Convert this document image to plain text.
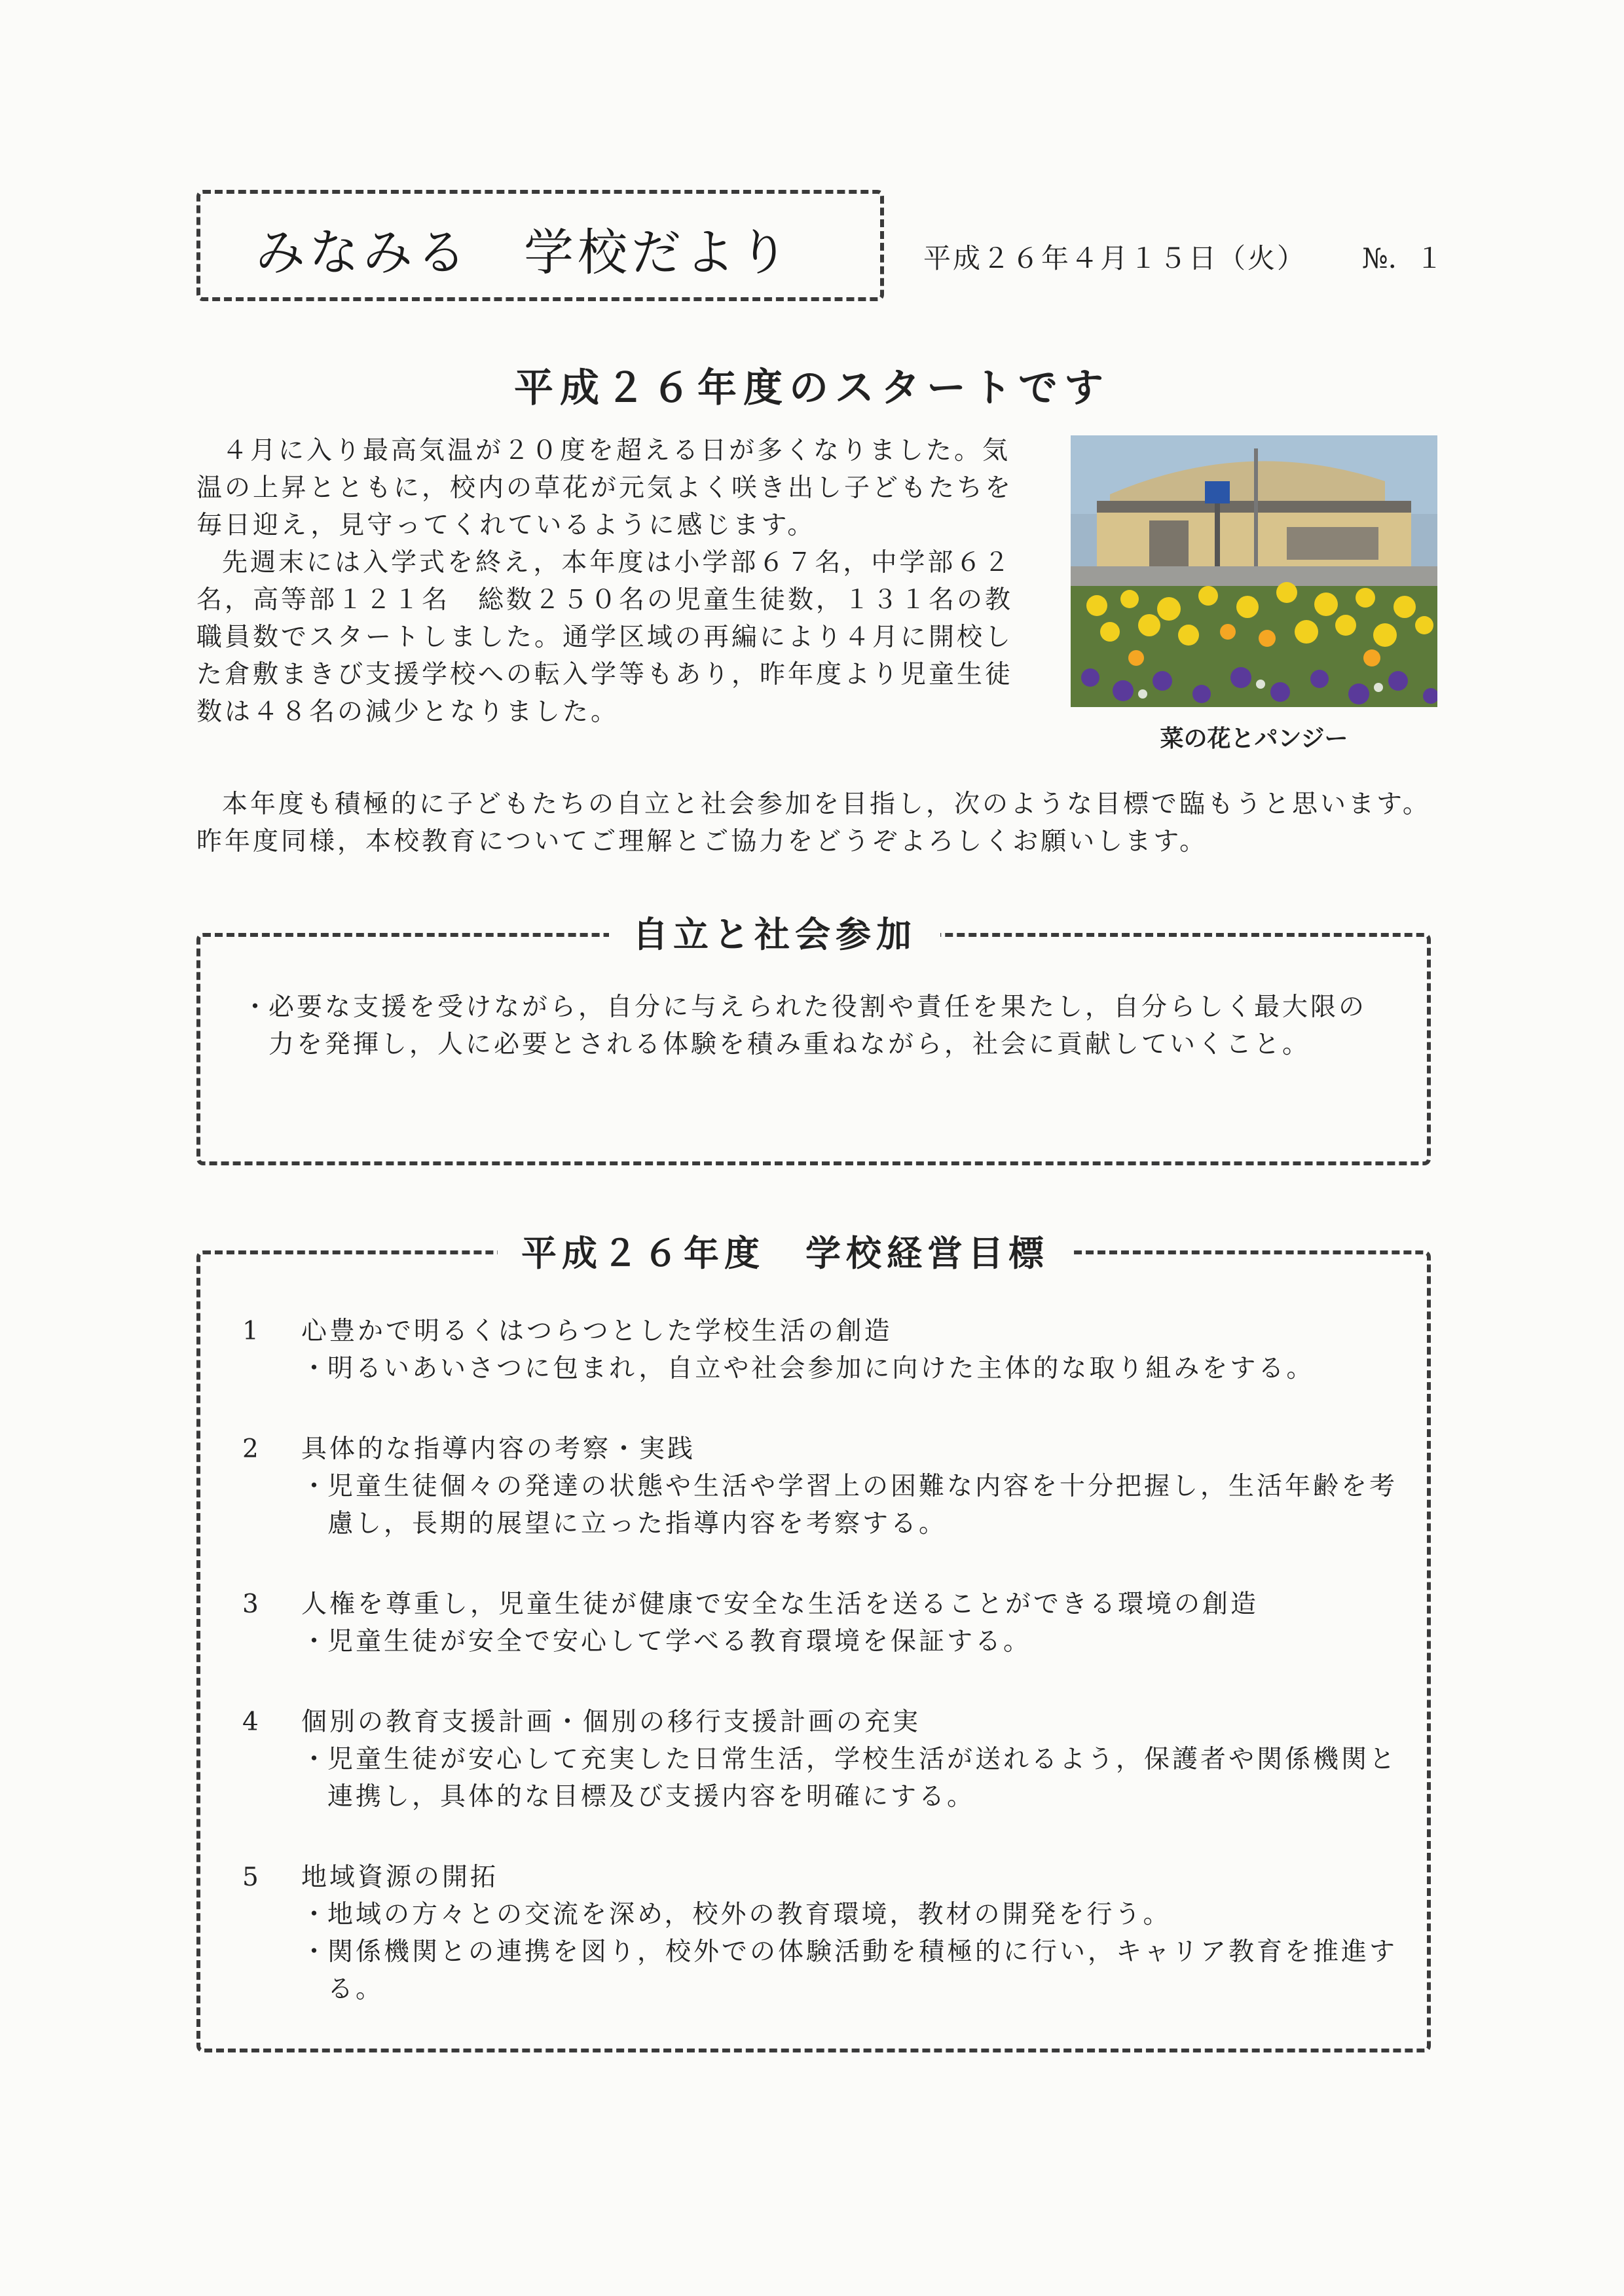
みなみる　学校だより	平成２６年４月１５日（火） №．１
平成２６年度のスタートです

４月に入り最高気温が２０度を超える日が多くなりました。気温の上昇とともに，校内の草花が元気よく咲き出し子どもたちを毎日迎え，見守ってくれているように感じます。

先週末には入学式を終え，本年度は小学部６７名，中学部６２名，高等部１２１名　総数２５０名の児童生徒数，１３１名の教職員数でスタートしました。通学区域の再編により４月に開校した倉敷まきび支援学校への転入学等もあり，昨年度より児童生徒数は４８名の減少となりました。

本年度も積極的に子どもたちの自立と社会参加を目指し，次のような目標で臨もうと思います。昨年度同様，本校教育についてご理解とご協力をどうぞよろしくお願いします。

菜の花とパンジー
自立と社会参加
・
必要な支援を受けながら，自分に与えられた役割や責任を果たし，自分らしく最大限の力を発揮し，人に必要とされる体験を積み重ねながら，社会に貢献していくこと。
平成２６年度　学校経営目標
1	心豊かで明るくはつらつとした学校生活の創造
・
明るいあいさつに包まれ，自立や社会参加に向けた主体的な取り組みをする。
2	具体的な指導内容の考察・実践
・
児童生徒個々の発達の状態や生活や学習上の困難な内容を十分把握し，生活年齢を考慮し，長期的展望に立った指導内容を考察する。
3	人権を尊重し，児童生徒が健康で安全な生活を送ることができる環境の創造
・
児童生徒が安全で安心して学べる教育環境を保証する。
4	個別の教育支援計画・個別の移行支援計画の充実
・
児童生徒が安心して充実した日常生活，学校生活が送れるよう，保護者や関係機関と連携し，具体的な目標及び支援内容を明確にする。
5	地域資源の開拓
・
地域の方々との交流を深め，校外の教育環境，教材の開発を行う。
・
関係機関との連携を図り，校外での体験活動を積極的に行い，キャリア教育を推進する。
